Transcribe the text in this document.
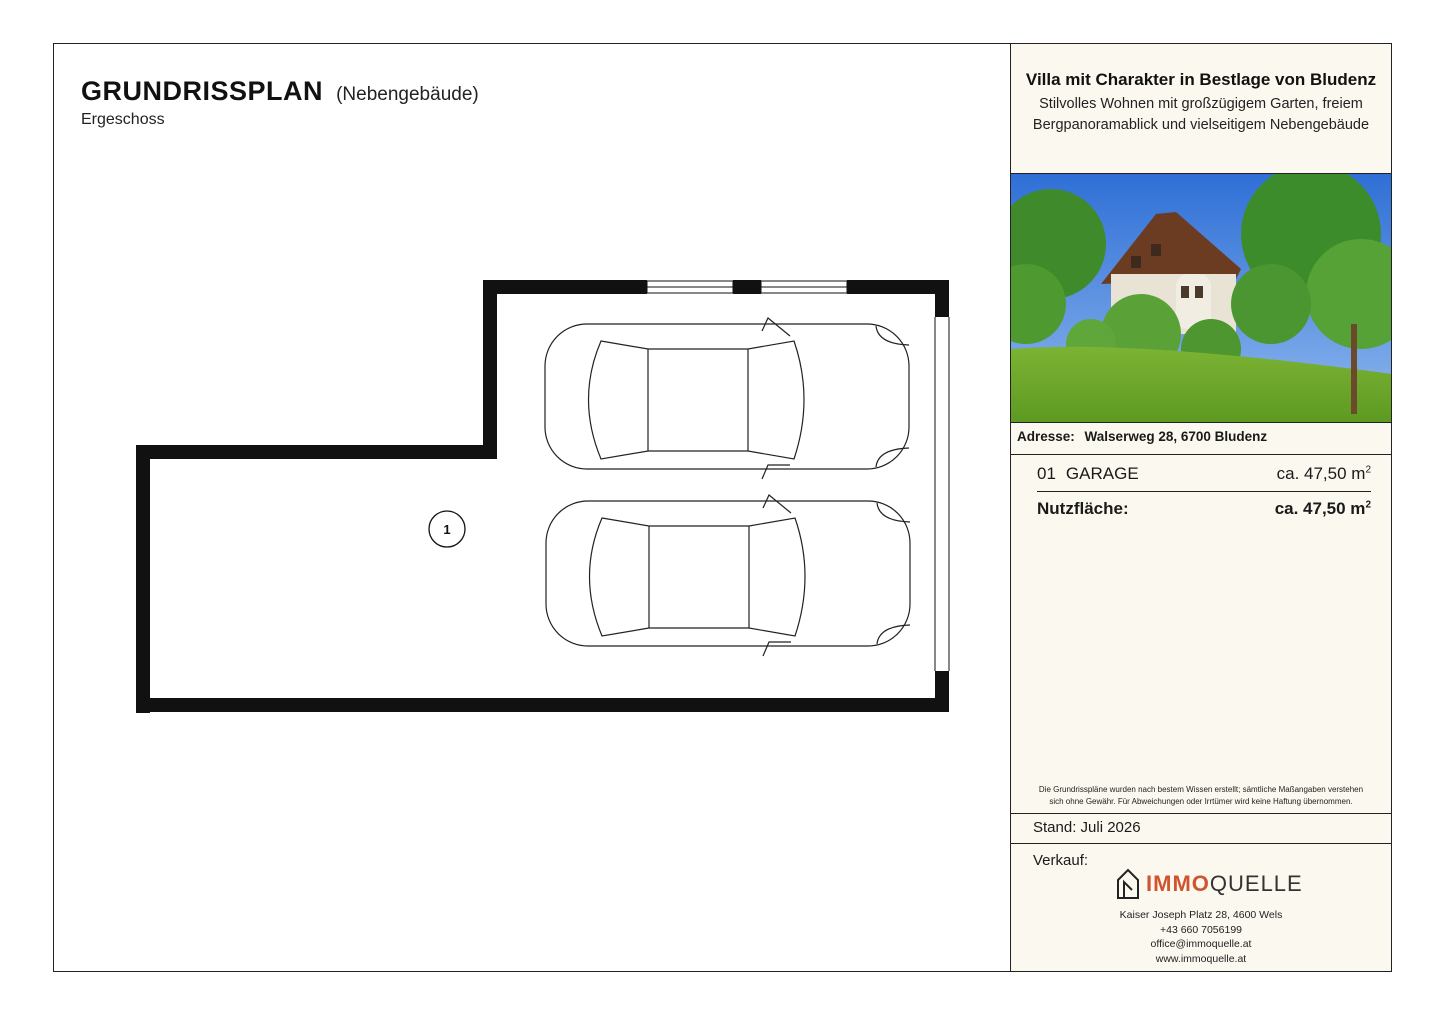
GRUNDRISSPLAN (Nebengebäude)
Ergeschoss
1
Villa mit Charakter in Bestlage von Bludenz
Stilvolles Wohnen mit großzügigem Garten, freiem
Bergpanoramablick und vielseitigem Nebengebäude
Adresse: Walserweg 28, 6700 Bludenz
01 GARAGE	ca. 47,50 $m^2$
Nutzfläche:	ca. 47,50 $m^2$
Die Grundrisspläne wurden nach bestem Wissen erstellt; sämtliche Maßangaben verstehen
sich ohne Gewähr. Für Abweichungen oder Irrtümer wird keine Haftung übernommen.
Stand: Juli 2026
Verkauf:
IMMOQUELLE
Kaiser Joseph Platz 28, 4600 Wels
+43 660 7056199
office@immoquelle.at
www.immoquelle.at
